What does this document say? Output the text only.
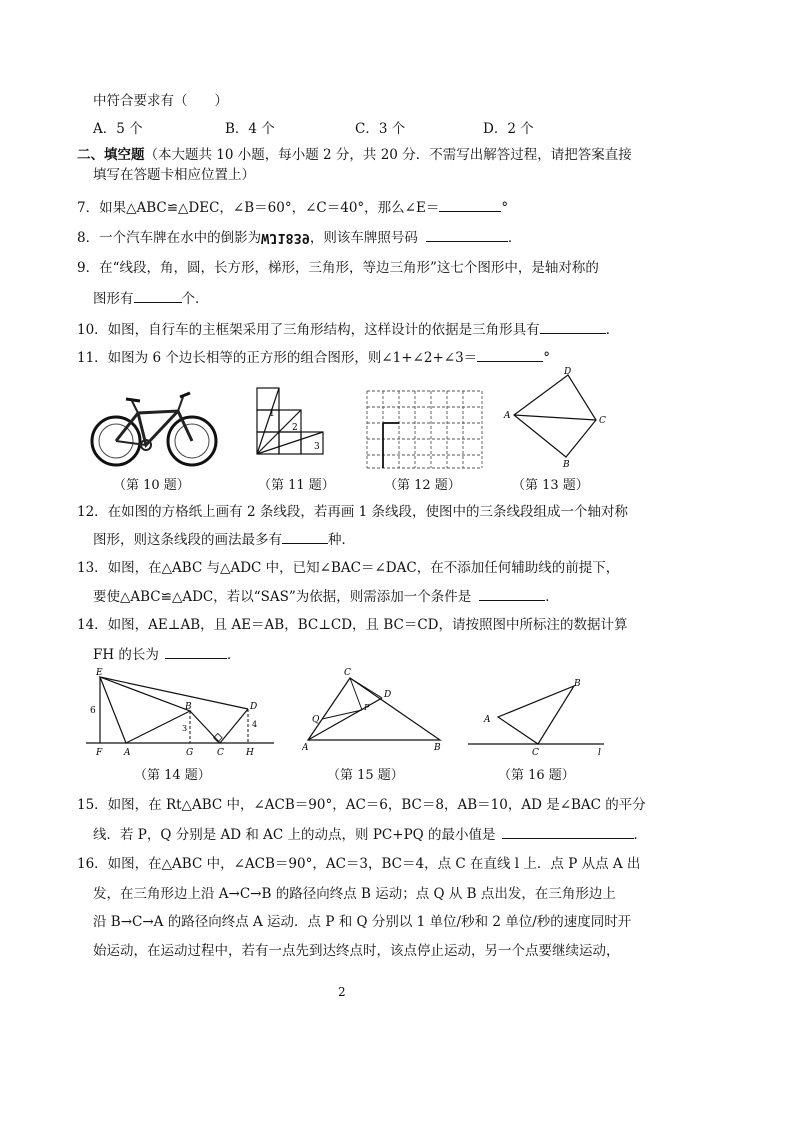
中符合要求有（　　）
A．5 个	B．4 个	C．3 个	D．2 个
二、填空题（本大题共 10 小题，每小题 2 分，共 20 分．不需写出解答过程，请把答案直接
填写在答题卡相应位置上）
7．如果△ABC≌△DEC，∠B＝60°，∠C＝40°，那么∠E＝	°
8．一个汽车牌在水中的倒影为WJ1839，则该车牌照号码	．
9．在“线段，角，圆，长方形，梯形，三角形，等边三角形”这七个图形中，是轴对称的
图形有	个．
10．如图，自行车的主框架采用了三角形结构，这样设计的依据是三角形具有	．
11．如图为 6 个边长相等的正方形的组合图形，则∠1+∠2+∠3＝	°
1
2
3
D
A	C
B
（第 10 题）	（第 11 题）	（第 12 题）	（第 13 题）
12．在如图的方格纸上画有 2 条线段，若再画 1 条线段，使图中的三条线段组成一个轴对称
图形，则这条线段的画法最多有	种．
13．如图，在△ABC 与△ADC 中，已知∠BAC＝∠DAC，在不添加任何辅助线的前提下，
要使△ABC≌△ADC，若以“SAS”为依据，则需添加一个条件是	．
14．如图，AE⊥AB，且 AE＝AB，BC⊥CD，且 BC＝CD，请按照图中所标注的数据计算
FH 的长为	．
E
6
F A
B
3
G	C
D
4
H
C
D
Q
P
A	B
A
B
C	l
（第 14 题）	（第 15 题）	（第 16 题）
15．如图，在 Rt△ABC 中，∠ACB＝90°，AC＝6，BC＝8，AB＝10，AD 是∠BAC 的平分
线．若 P，Q 分别是 AD 和 AC 上的动点，则 PC+PQ 的最小值是	．
16．如图，在△ABC 中，∠ACB＝90°，AC＝3，BC＝4，点 C 在直线 l 上．点 P 从点 A 出
发，在三角形边上沿 A→C→B 的路径向终点 B 运动；点 Q 从 B 点出发，在三角形边上
沿 B→C→A 的路径向终点 A 运动．点 P 和 Q 分别以 1 单位/秒和 2 单位/秒的速度同时开
始运动，在运动过程中，若有一点先到达终点时，该点停止运动，另一个点要继续运动，
2
